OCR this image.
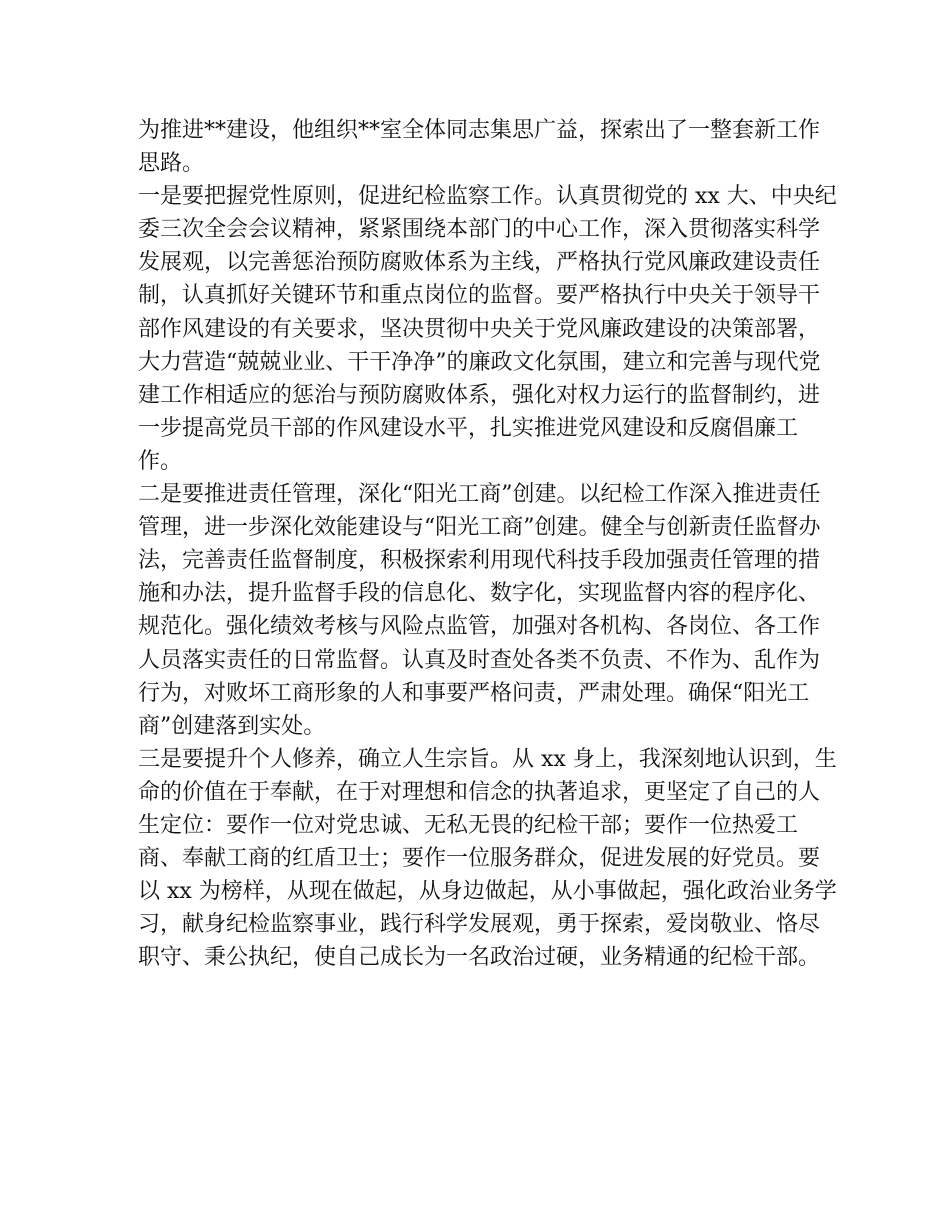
为推进**建设，他组织**室全体同志集思广益，探索出了一整套新工作思路。

一是要把握党性原则，促进纪检监察工作。认真贯彻党的 xx 大、中央纪委三次全会会议精神，紧紧围绕本部门的中心工作，深入贯彻落实科学发展观，以完善惩治预防腐败体系为主线，严格执行党风廉政建设责任制，认真抓好关键环节和重点岗位的监督。要严格执行中央关于领导干部作风建设的有关要求，坚决贯彻中央关于党风廉政建设的决策部署，大力营造“兢兢业业、干干净净”的廉政文化氛围，建立和完善与现代党建工作相适应的惩治与预防腐败体系，强化对权力运行的监督制约，进一步提高党员干部的作风建设水平，扎实推进党风建设和反腐倡廉工作。

二是要推进责任管理，深化“阳光工商”创建。以纪检工作深入推进责任管理，进一步深化效能建设与“阳光工商”创建。健全与创新责任监督办法，完善责任监督制度，积极探索利用现代科技手段加强责任管理的措施和办法，提升监督手段的信息化、数字化，实现监督内容的程序化、规范化。强化绩效考核与风险点监管，加强对各机构、各岗位、各工作人员落实责任的日常监督。认真及时查处各类不负责、不作为、乱作为行为，对败坏工商形象的人和事要严格问责，严肃处理。确保“阳光工商”创建落到实处。

三是要提升个人修养，确立人生宗旨。从 xx 身上，我深刻地认识到，生命的价值在于奉献，在于对理想和信念的执著追求，更坚定了自己的人生定位：要作一位对党忠诚、无私无畏的纪检干部；要作一位热爱工商、奉献工商的红盾卫士；要作一位服务群众，促进发展的好党员。要以 xx 为榜样，从现在做起，从身边做起，从小事做起，强化政治业务学习，献身纪检监察事业，践行科学发展观，勇于探索，爱岗敬业、恪尽职守、秉公执纪，使自己成长为一名政治过硬，业务精通的纪检干部。
